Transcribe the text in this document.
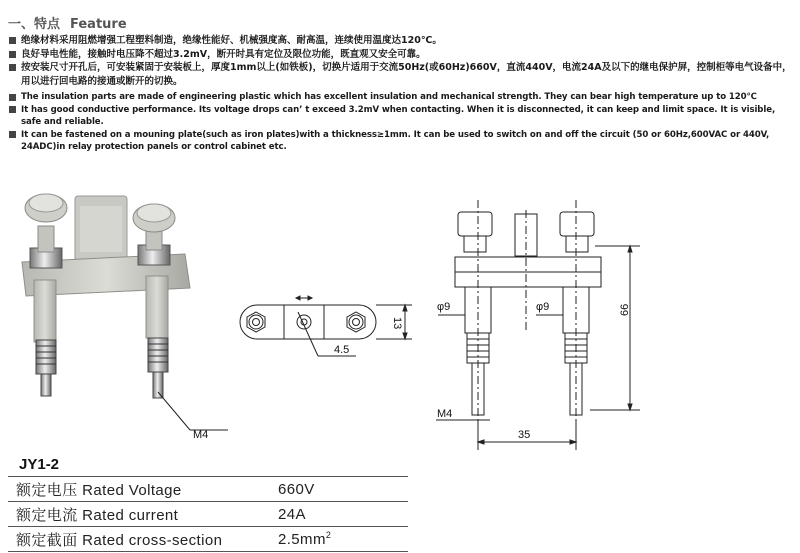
一、特点 Feature
绝缘材料采用阻燃增强工程塑料制造，绝缘性能好、机械强度高、耐高温，连续使用温度达120℃。
良好导电性能，接触时电压降不超过3.2mV，断开时具有定位及限位功能，既直观又安全可靠。
按安装尺寸开孔后，可安装紧固于安装板上，厚度1mm以上(如铁板)，切换片适用于交流50Hz(或60Hz)660V，直流440V，电流24A及以下的继电保护屏，控制柜等电气设备中，用以进行回电路的接通或断开的切换。
The insulation parts are made of engineering plastic which has excellent insulation and mechanical strength. They can bear high temperature up to 120℃
It has good conductive performance. Its voltage drops can’ t exceed 3.2mV when contacting. When it is disconnected, it can keep and limit space. It is visible, safe and reliable.
It can be fastened on a mouning plate(such as iron plates)with a thickness≥1mm. It can be used to switch on and off the circuit (50 or 60Hz,600VAC or 440V, 24ADC)in relay protection panels or control cabinet etc.
M4
13
4.5
φ9	φ9	66
M4
35
JY1-2
额定电压 Rated Voltage	660V
额定电流 Rated current	24A
额定截面 Rated cross-section	$2.5mm^2$
